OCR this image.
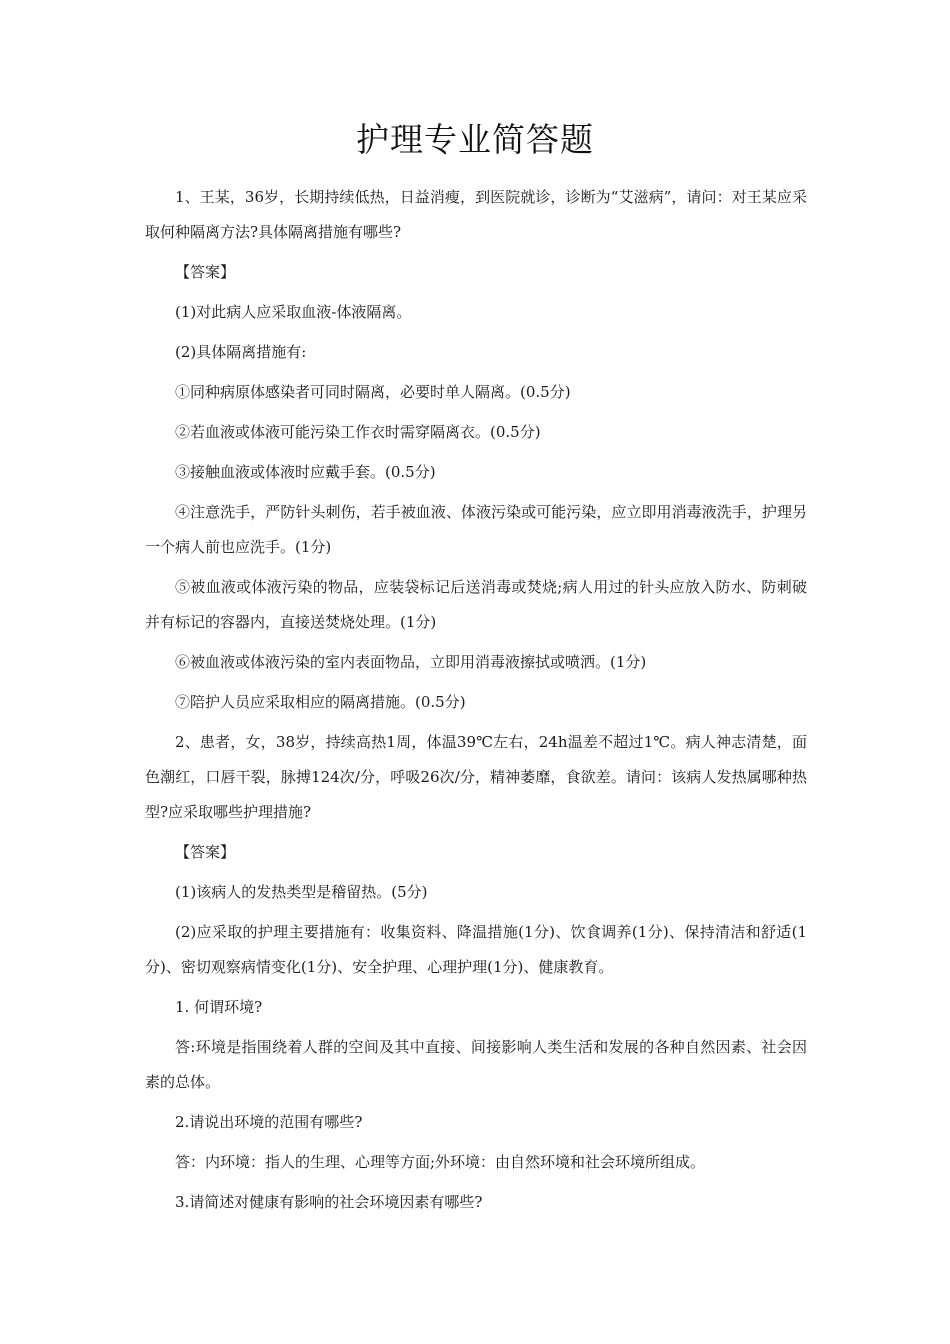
护理专业简答题

1、王某，36岁，长期持续低热，日益消瘦，到医院就诊，诊断为“艾滋病”，请问：对王某应采取何种隔离方法?具体隔离措施有哪些?

【答案】

(1)对此病人应采取血液-体液隔离。

(2)具体隔离措施有:

①同种病原体感染者可同时隔离，必要时单人隔离。(0.5分)

②若血液或体液可能污染工作衣时需穿隔离衣。(0.5分)

③接触血液或体液时应戴手套。(0.5分)

④注意洗手，严防针头刺伤，若手被血液、体液污染或可能污染，应立即用消毒液洗手，护理另一个病人前也应洗手。(1分)

⑤被血液或体液污染的物品，应装袋标记后送消毒或焚烧;病人用过的针头应放入防水、防刺破并有标记的容器内，直接送焚烧处理。(1分)

⑥被血液或体液污染的室内表面物品，立即用消毒液擦拭或喷洒。(1分)

⑦陪护人员应采取相应的隔离措施。(0.5分)

2、患者，女，38岁，持续高热1周，体温39℃左右，24h温差不超过1℃。病人神志清楚，面色潮红，口唇干裂，脉搏124次/分，呼吸26次/分，精神萎靡，食欲差。请问：该病人发热属哪种热型?应采取哪些护理措施?

【答案】

(1)该病人的发热类型是稽留热。(5分)

(2)应采取的护理主要措施有：收集资料、降温措施(1分)、饮食调养(1分)、保持清洁和舒适(1分)、密切观察病情变化(1分)、安全护理、心理护理(1分)、健康教育。

1. 何谓环境?

答:环境是指围绕着人群的空间及其中直接、间接影响人类生活和发展的各种自然因素、社会因素的总体。

2.请说出环境的范围有哪些?

答：内环境：指人的生理、心理等方面;外环境：由自然环境和社会环境所组成。

3.请简述对健康有影响的社会环境因素有哪些?
